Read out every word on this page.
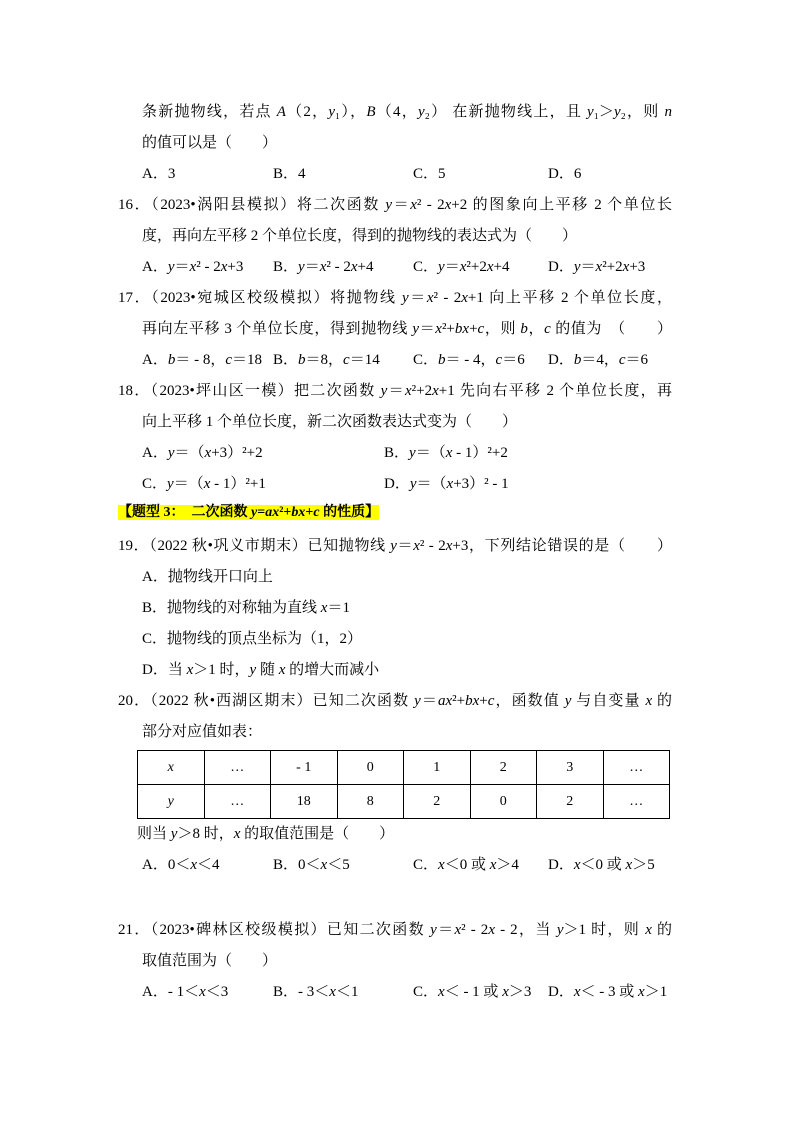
条新抛物线，若点 A（2，y₁），B（4，y₂） 在新抛物线上，且 y₁＞y₂，则 n
的值可以是（　　）
A．3	B．4	C．5	D．6
16．（2023•涡阳县模拟）将二次函数 y＝x² - 2x+2 的图象向上平移 2 个单位长
度，再向左平移 2 个单位长度，得到的抛物线的表达式为（　　）
A．y＝x² - 2x+3 B．y＝x² - 2x+4	C．y＝x²+2x+4	D．y＝x²+2x+3
17．（2023•宛城区校级模拟）将抛物线 y＝x² - 2x+1 向上平移 2 个单位长度，
再向左平移 3 个单位长度，得到抛物线 y＝x²+bx+c，则 b，c 的值为　（　　）
A．b＝ - 8，c＝18 B．b＝8，c＝14 C．b＝ - 4，c＝6 D．b＝4，c＝6
18．（2023•坪山区一模）把二次函数 y＝x²+2x+1 先向右平移 2 个单位长度，再
向上平移 1 个单位长度，新二次函数表达式变为（　　）
A．y＝（x+3）²+2	B．y＝（x - 1）²+2
C．y＝（x - 1）²+1	D．y＝（x+3）² - 1
【题型 3：　二次函数 y=ax²+bx+c 的性质】
19．（2022 秋•巩义市期末）已知抛物线 y＝x² - 2x+3，下列结论错误的是（　　）
A．抛物线开口向上
B．抛物线的对称轴为直线 x＝1
C．抛物线的顶点坐标为（1，2）
D．当 x＞1 时，y 随 x 的增大而减小
20．（2022 秋•西湖区期末）已知二次函数 y＝ax²+bx+c，函数值 y 与自变量 x 的
部分对应值如表：
x	…	- 1	0	1	2	3	…
y	…	18	8	2	0	2	…
则当 y＞8 时，x 的取值范围是（　　）
A．0＜x＜4	B．0＜x＜5	C．x＜0 或 x＞4 D．x＜0 或 x＞5
21．（2023•碑林区校级模拟）已知二次函数 y＝x² - 2x - 2，当 y＞1 时，则 x 的
取值范围为（　　）
A．- 1＜x＜3	B．- 3＜x＜1	C．x＜ - 1 或 x＞3 D．x＜ - 3 或 x＞1
